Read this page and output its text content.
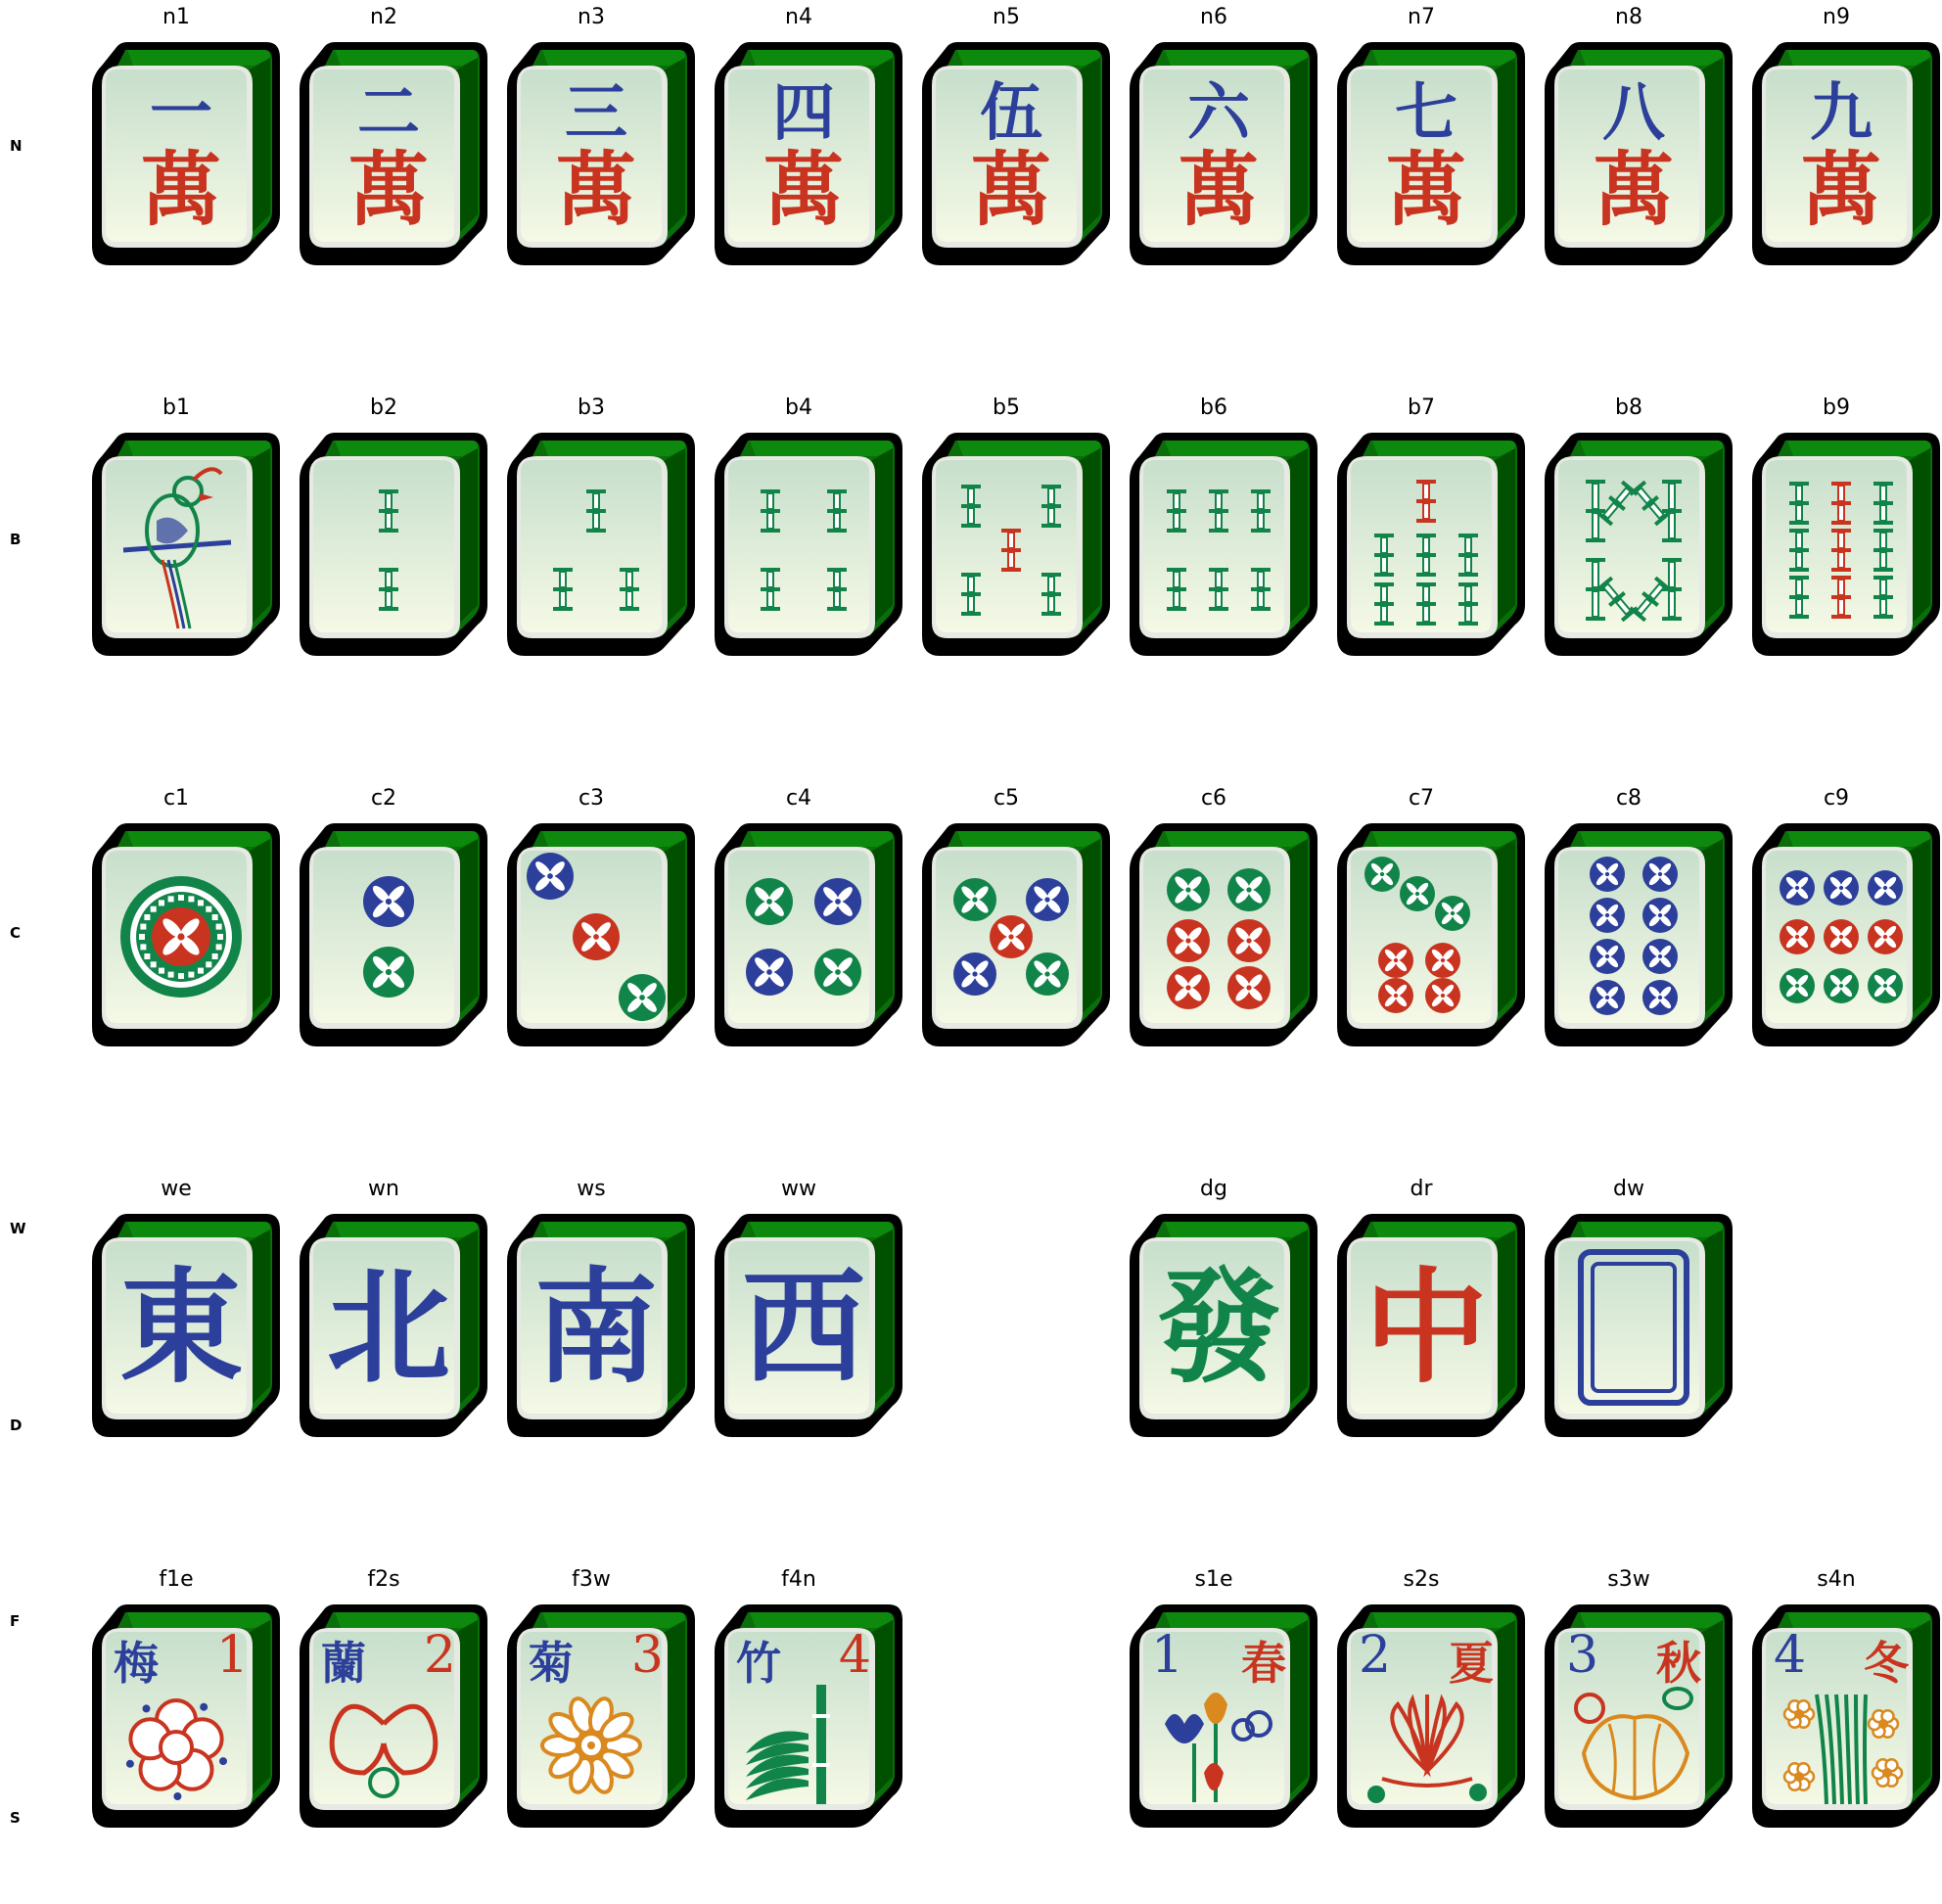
N
B
C
W
D
F
S
n1
一
萬
n2
二
萬
n3
三
萬
n4
四
萬
n5
伍
萬
n6
六
萬
n7
七
萬
n8
八
萬
n9
九
萬
b1	b2	b3	b4	b5	b6	b7	b8	b9
c1	c2	c3	c4	c5	c6	c7	c8	c9
we
東
wn
北
ws
南
ww
西
dg
發
dr
中
dw
f1e
梅 1
f2s
蘭 2
f3w
菊 3
f4n
竹 4
s1e
1 春
s2s
2 夏
s3w
3 秋
s4n
4 冬
